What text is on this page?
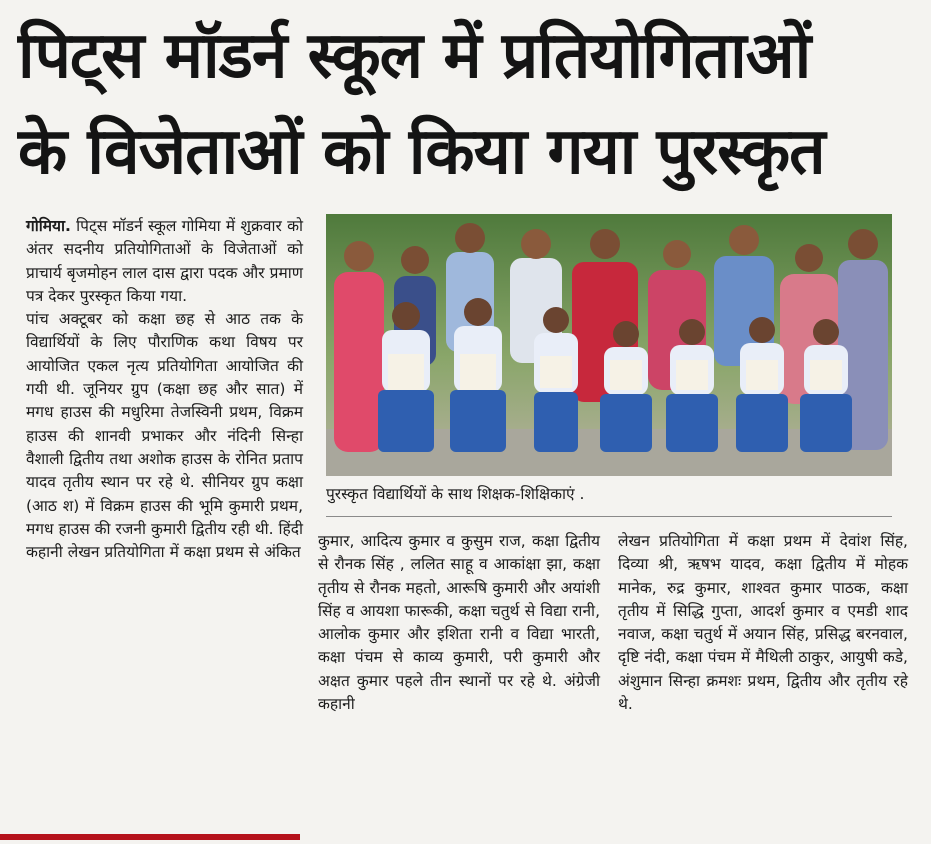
पिट्स मॉडर्न स्कूल में प्रतियोगिताओं
के विजेताओं को किया गया पुरस्कृत

गोमिया. पिट्स मॉडर्न स्कूल गोमिया में शुक्रवार को अंतर सदनीय प्रतियोगिताओं के विजेताओं को प्राचार्य बृजमोहन लाल दास द्वारा पदक और प्रमाण पत्र देकर पुरस्कृत किया गया.

पांच अक्टूबर को कक्षा छह से आठ तक के विद्यार्थियों के लिए पौराणिक कथा विषय पर आयोजित एकल नृत्य प्रतियोगिता आयोजित की गयी थी. जूनियर ग्रुप (कक्षा छह और सात) में मगध हाउस की मधुरिमा तेजस्विनी प्रथम, विक्रम हाउस की शानवी प्रभाकर और नंदिनी सिन्हा वैशाली द्वितीय तथा अशोक हाउस के रोनित प्रताप यादव तृतीय स्थान पर रहे थे. सीनियर ग्रुप कक्षा (आठ श) में विक्रम हाउस की भूमि कुमारी प्रथम, मगध हाउस की रजनी कुमारी द्वितीय रही थी. हिंदी कहानी लेखन प्रतियोगिता में कक्षा प्रथम से अंकित

पुरस्कृत विद्यार्थियों के साथ शिक्षक-शिक्षिकाएं .

कुमार, आदित्य कुमार व कुसुम राज, कक्षा द्वितीय से रौनक सिंह , ललित साहू व आकांक्षा झा, कक्षा तृतीय से रौनक महतो, आरूषि कुमारी और अयांशी सिंह व आयशा फारूकी, कक्षा चतुर्थ से विद्या रानी, आलोक कुमार और इशिता रानी व विद्या भारती, कक्षा पंचम से काव्य कुमारी, परी कुमारी और अक्षत कुमार पहले तीन स्थानों पर रहे थे. अंग्रेजी कहानी

लेखन प्रतियोगिता में कक्षा प्रथम में देवांश सिंह, दिव्या श्री, ऋषभ यादव, कक्षा द्वितीय में मोहक मानेक, रुद्र कुमार, शाश्वत कुमार पाठक, कक्षा तृतीय में सिद्धि गुप्ता, आदर्श कुमार व एमडी शाद नवाज, कक्षा चतुर्थ में अयान सिंह, प्रसिद्ध बरनवाल, दृष्टि नंदी, कक्षा पंचम में मैथिली ठाकुर, आयुषी कडे, अंशुमान सिन्हा क्रमशः प्रथम, द्वितीय और तृतीय रहे थे.
